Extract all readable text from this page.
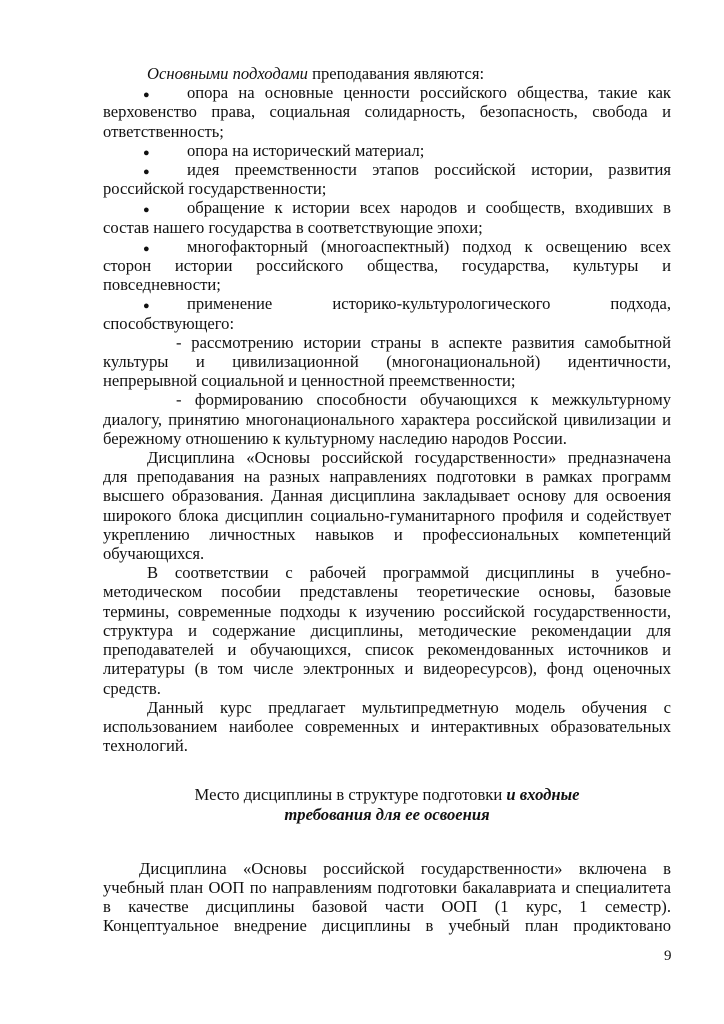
Основными подходами преподавания являются:

●	опора на основные ценности российского общества, такие как
верховенство права, социальная солидарность, безопасность, свобода и
ответственность;

●	опора на исторический материал;

●	идея преемственности этапов российской истории, развития
российской государственности;

●	обращение к истории всех народов и сообществ, входивших в
состав нашего государства в соответствующие эпохи;

●	многофакторный (многоаспектный) подход к освещению всех
сторон истории российского общества, государства, культуры и
повседневности;

●	применение историко-культурологического подхода,
способствующего:

- рассмотрению истории страны в аспекте развития самобытной
культуры и цивилизационной (многонациональной) идентичности,
непрерывной социальной и ценностной преемственности;

- формированию способности обучающихся к межкультурному
диалогу, принятию многонационального характера российской цивилизации и
бережному отношению к культурному наследию народов России.

Дисциплина «Основы российской государственности» предназначена
для преподавания на разных направлениях подготовки в рамках программ
высшего образования. Данная дисциплина закладывает основу для освоения
широкого блока дисциплин социально-гуманитарного профиля и содействует
укреплению личностных навыков и профессиональных компетенций
обучающихся.

В соответствии с рабочей программой дисциплины в учебно-
методическом пособии представлены теоретические основы, базовые
термины, современные подходы к изучению российской государственности,
структура и содержание дисциплины, методические рекомендации для
преподавателей и обучающихся, список рекомендованных источников и
литературы (в том числе электронных и видеоресурсов), фонд оценочных
средств.

Данный курс предлагает мультипредметную модель обучения с
использованием наиболее современных и интерактивных образовательных
технологий.

Место дисциплины в структуре подготовки и входные
требования для ее освоения

Дисциплина «Основы российской государственности» включена в
учебный план ООП по направлениям подготовки бакалавриата и специалитета
в качестве дисциплины базовой части ООП (1 курс, 1 семестр).
Концептуальное внедрение дисциплины в учебный план продиктовано

9
